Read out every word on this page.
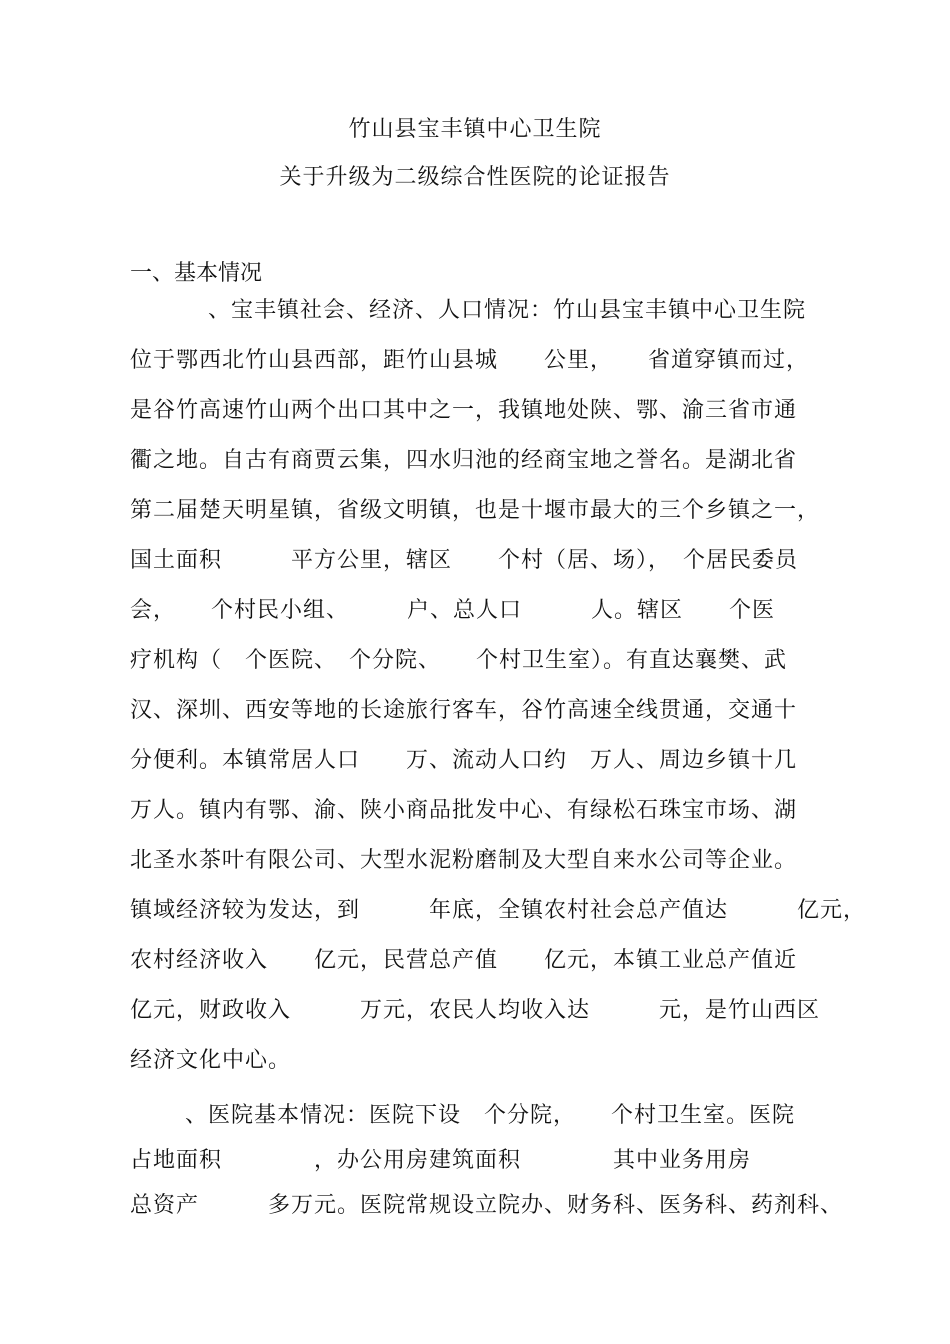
竹山县宝丰镇中心卫生院
关于升级为二级综合性医院的论证报告
一、基本情况
、宝丰镇社会、经济、人口情况：竹山县宝丰镇中心卫生院
位于鄂西北竹山县西部，距竹山县城　　公里，　　省道穿镇而过，
是谷竹高速竹山两个出口其中之一，我镇地处陕、鄂、渝三省市通
衢之地。自古有商贾云集，四水归池的经商宝地之誉名。是湖北省
第二届楚天明星镇，省级文明镇，也是十堰市最大的三个乡镇之一，
国土面积　　　平方公里，辖区　　个村（居、场），　个居民委员
会，　　个村民小组、　　　户、总人口　　　人。辖区　　个医
疗机构（　个医院、　个分院、　　个村卫生室）。有直达襄樊、武
汉、深圳、西安等地的长途旅行客车，谷竹高速全线贯通，交通十
分便利。本镇常居人口　　万、流动人口约　万人、周边乡镇十几
万人。镇内有鄂、渝、陕小商品批发中心、有绿松石珠宝市场、湖
北圣水茶叶有限公司、大型水泥粉磨制及大型自来水公司等企业。
镇域经济较为发达，到　　　年底，全镇农村社会总产值达　　　亿元，
农村经济收入　　亿元，民营总产值　　亿元，本镇工业总产值近
亿元，财政收入　　　万元，农民人均收入达　　　元，是竹山西区
经济文化中心。
、医院基本情况：医院下设　个分院，　　个村卫生室。医院
占地面积　　　　，办公用房建筑面积　　　　其中业务用房
总资产　　　多万元。医院常规设立院办、财务科、医务科、药剂科、
